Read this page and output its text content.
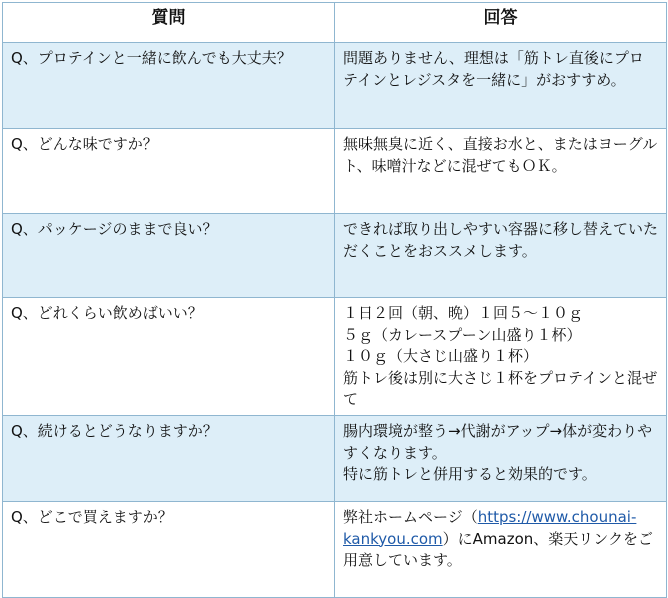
質問	回答

Q、プロテインと一緒に飲んでも大丈夫？	問題ありません、理想は「筋トレ直後にプロテインとレジスタを一緒に」がおすすめ。

Q、どんな味ですか？	無味無臭に近く、直接お水と、またはヨーグルト、味噌汁などに混ぜてもＯＫ。

Q、パッケージのままで良い？	できれば取り出しやすい容器に移し替えていただくことをおススメします。

Q、どれくらい飲めばいい？	１日２回（朝、晩）１回５～１０ｇ
５ｇ（カレースプーン山盛り１杯）
１０ｇ（大さじ山盛り１杯）
筋トレ後は別に大さじ１杯をプロテインと混ぜて

Q、続けるとどうなりますか？	腸内環境が整う→代謝がアップ→体が変わりやすくなります。
特に筋トレと併用すると効果的です。

Q、どこで買えますか？	弊社ホームページ（https://www.chounai-kankyou.com）にAmazon、楽天リンクをご用意しています。
